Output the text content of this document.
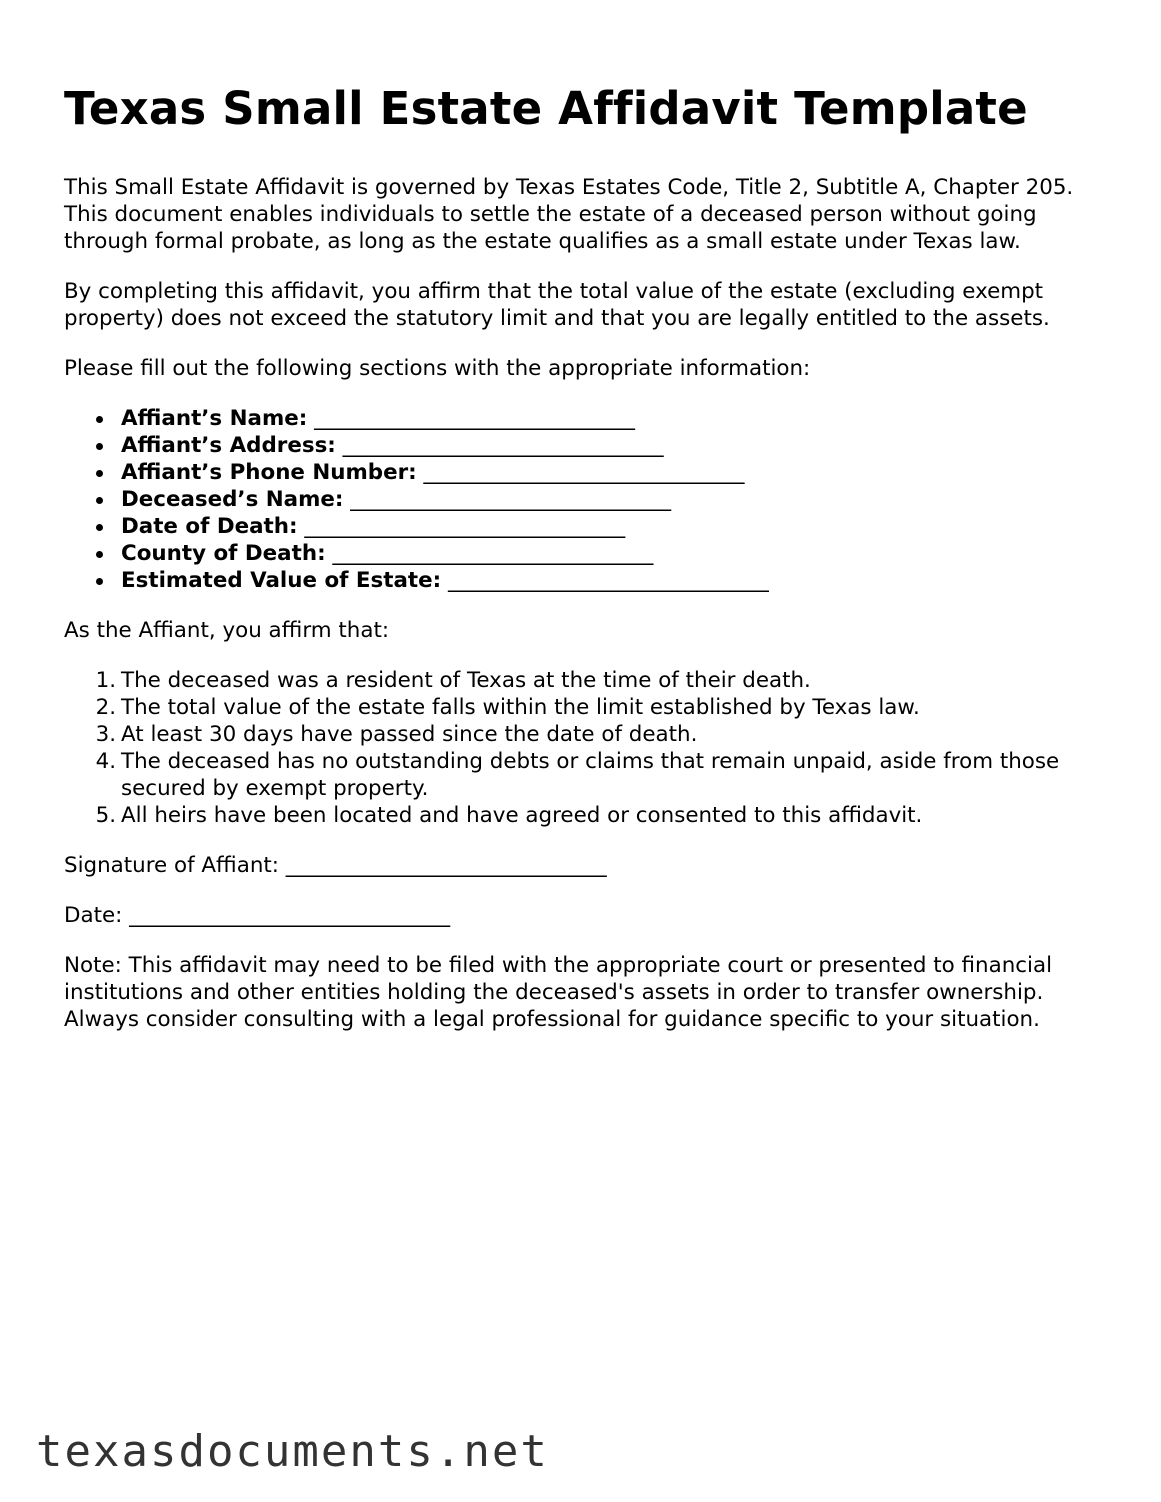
Texas Small Estate Affidavit Template

This Small Estate Affidavit is governed by Texas Estates Code, Title 2, Subtitle A, Chapter 205. This document enables individuals to settle the estate of a deceased person without going through formal probate, as long as the estate qualifies as a small estate under Texas law.

By completing this affidavit, you affirm that the total value of the estate (excluding exempt property) does not exceed the statutory limit and that you are legally entitled to the assets.

Please fill out the following sections with the appropriate information:

Affiant’s Name: ______________________________
Affiant’s Address: ______________________________
Affiant’s Phone Number: ______________________________
Deceased’s Name: ______________________________
Date of Death: ______________________________
County of Death: ______________________________
Estimated Value of Estate: ______________________________

As the Affiant, you affirm that:

1. The deceased was a resident of Texas at the time of their death.
2. The total value of the estate falls within the limit established by Texas law.
3. At least 30 days have passed since the date of death.
4. The deceased has no outstanding debts or claims that remain unpaid, aside from those secured by exempt property.
5. All heirs have been located and have agreed or consented to this affidavit.

Signature of Affiant: ______________________________

Date: ______________________________

Note: This affidavit may need to be filed with the appropriate court or presented to financial institutions and other entities holding the deceased's assets in order to transfer ownership. Always consider consulting with a legal professional for guidance specific to your situation.

texasdocuments.net
